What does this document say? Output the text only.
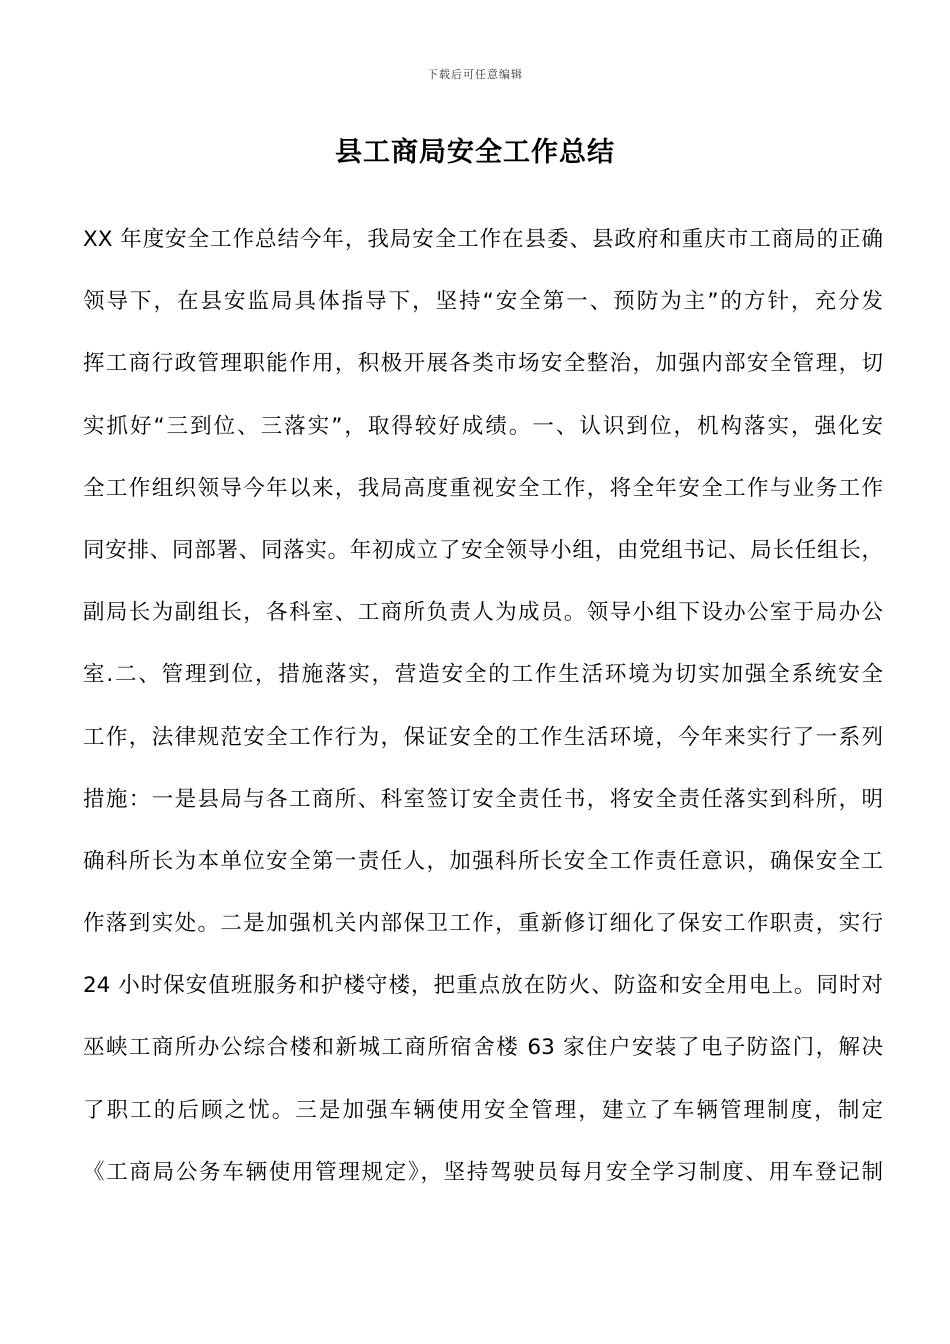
下载后可任意编辑
县工商局安全工作总结
XX 年度安全工作总结今年，我局安全工作在县委、县政府和重庆市工商局的正确
领导下，在县安监局具体指导下，坚持“安全第一、预防为主”的方针，充分发
挥工商行政管理职能作用，积极开展各类市场安全整治，加强内部安全管理，切
实抓好“三到位、三落实”，取得较好成绩。一、认识到位，机构落实，强化安
全工作组织领导今年以来，我局高度重视安全工作，将全年安全工作与业务工作
同安排、同部署、同落实。年初成立了安全领导小组，由党组书记、局长任组长，
副局长为副组长，各科室、工商所负责人为成员。领导小组下设办公室于局办公
室.二、管理到位，措施落实，营造安全的工作生活环境为切实加强全系统安全
工作，法律规范安全工作行为，保证安全的工作生活环境，今年来实行了一系列
措施：一是县局与各工商所、科室签订安全责任书，将安全责任落实到科所，明
确科所长为本单位安全第一责任人，加强科所长安全工作责任意识，确保安全工
作落到实处。二是加强机关内部保卫工作，重新修订细化了保安工作职责，实行
24 小时保安值班服务和护楼守楼，把重点放在防火、防盗和安全用电上。同时对
巫峡工商所办公综合楼和新城工商所宿舍楼 63 家住户安装了电子防盗门，解决
了职工的后顾之忧。三是加强车辆使用安全管理，建立了车辆管理制度，制定
《工商局公务车辆使用管理规定》，坚持驾驶员每月安全学习制度、用车登记制
